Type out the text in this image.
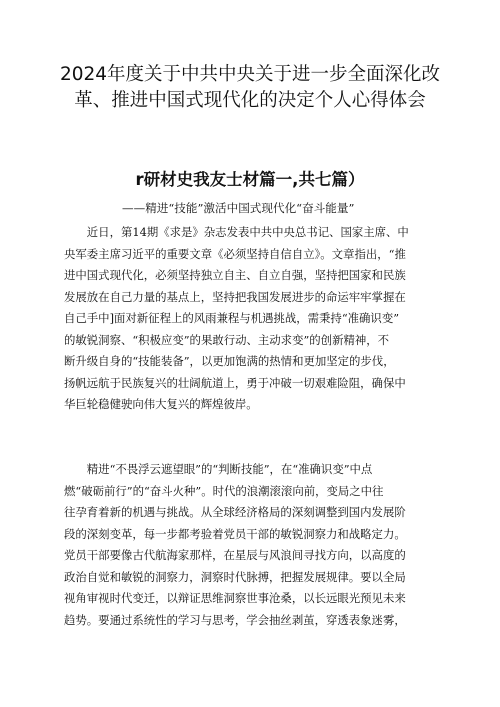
2024年度关于中共中央关于进一步全面深化改革、推进中国式现代化的决定个人心得体会
r研材史我友士材篇一,共七篇）
——精进“技能”激活中国式现代化“奋斗能量”

　　近日，第14期《求是》杂志发表中共中央总书记、国家主席、中
央军委主席习近平的重要文章《必须坚持自信自立》。文章指出，“推
进中国式现代化，必须坚持独立自主、自立自强，坚持把国家和民族
发展放在自己力量的基点上，坚持把我国发展进步的命运牢牢掌握在
自己手中]面对新征程上的风雨兼程与机遇挑战，需秉持“准确识变”
的敏锐洞察、“积极应变”的果敢行动、主动求变”的创新精神，不
断升级自身的“技能装备”，以更加饱满的热情和更加坚定的步伐，
扬帆远航于民族复兴的壮阔航道上，勇于冲破一切艰难险阻，确保中
华巨轮稳健驶向伟大复兴的辉煌彼岸。

　　精进“不畏浮云遮望眼”的“判断技能”，在“准确识变”中点
燃“破砺前行”的“奋斗火种”。时代的浪潮滚滚向前，变局之中往
往孕育着新的机遇与挑战。从全球经济格局的深刻调整到国内发展阶
段的深刻变革，每一步都考验着党员干部的敏锐洞察力和战略定力。
党员干部要像古代航海家那样，在星辰与风浪间寻找方向，以高度的
政治自觉和敏锐的洞察力，洞察时代脉搏，把握发展规律。要以全局
视角审视时代变迁，以辩证思维洞察世事沧桑，以长远眼光预见未来
趋势。要通过系统性的学习与思考，学会抽丝剥茧，穿透表象迷雾，
